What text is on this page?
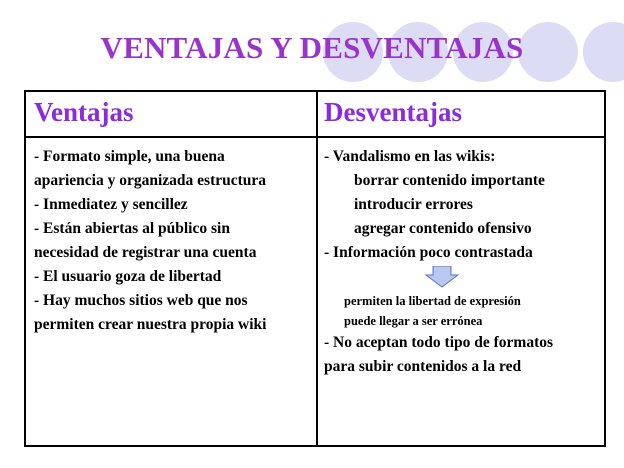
VENTAJAS Y DESVENTAJAS
Ventajas
- Formato simple, una buena
apariencia y organizada estructura
- Inmediatez y sencillez
- Están abiertas al público sin
necesidad de registrar una cuenta
- El usuario goza de libertad
- Hay muchos sitios web que nos
permiten crear nuestra propia wiki
Desventajas
- Vandalismo en las wikis:
borrar contenido importante
introducir errores
agregar contenido ofensivo
- Información poco contrastada
permiten la libertad de expresión
puede llegar a ser errónea
- No aceptan todo tipo de formatos
para subir contenidos a la red
